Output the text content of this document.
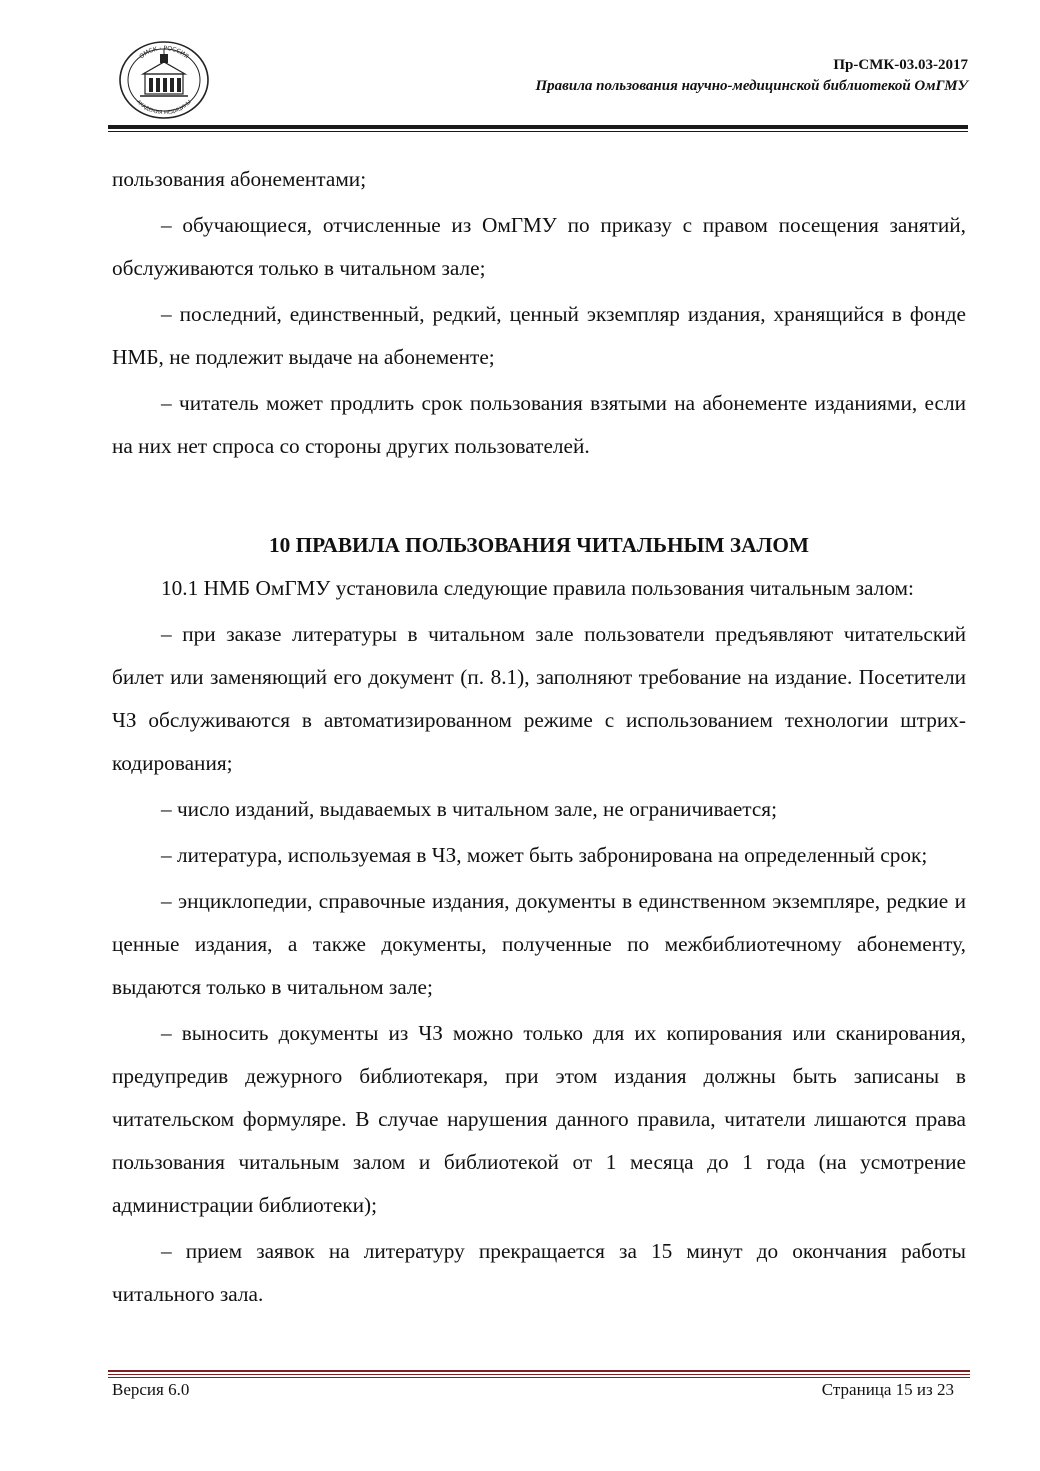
ОМСК · РОССИЯ
АКАДЕМИЯ МЕДИЦИНЫ
Пр-СМК-03.03-2017
Правила пользования научно-медицинской библиотекой ОмГМУ

пользования абонементами;

– обучающиеся, отчисленные из ОмГМУ по приказу с правом посещения занятий, обслуживаются только в читальном зале;

– последний, единственный, редкий, ценный экземпляр издания, хранящийся в фонде НМБ, не подлежит выдаче на абонементе;

– читатель может продлить срок пользования взятыми на абонементе изданиями, если на них нет спроса со стороны других пользователей.

10 ПРАВИЛА ПОЛЬЗОВАНИЯ ЧИТАЛЬНЫМ ЗАЛОМ

10.1 НМБ ОмГМУ установила следующие правила пользования читальным залом:

– при заказе литературы в читальном зале пользователи предъявляют читательский билет или заменяющий его документ (п. 8.1), заполняют требование на издание. Посетители ЧЗ обслуживаются в автоматизированном режиме с использованием технологии штрих-кодирования;

– число изданий, выдаваемых в читальном зале, не ограничивается;

– литература, используемая в ЧЗ, может быть забронирована на определенный срок;

– энциклопедии, справочные издания, документы в единственном экземпляре, редкие и ценные издания, а также документы, полученные по межбиблиотечному абонементу, выдаются только в читальном зале;

– выносить документы из ЧЗ можно только для их копирования или сканирования, предупредив дежурного библиотекаря, при этом издания должны быть записаны в читательском формуляре. В случае нарушения данного правила, читатели лишаются права пользования читальным залом и библиотекой от 1 месяца до 1 года (на усмотрение администрации библиотеки);

– прием заявок на литературу прекращается за 15 минут до окончания работы читального зала.

Версия 6.0	Страница 15 из 23
